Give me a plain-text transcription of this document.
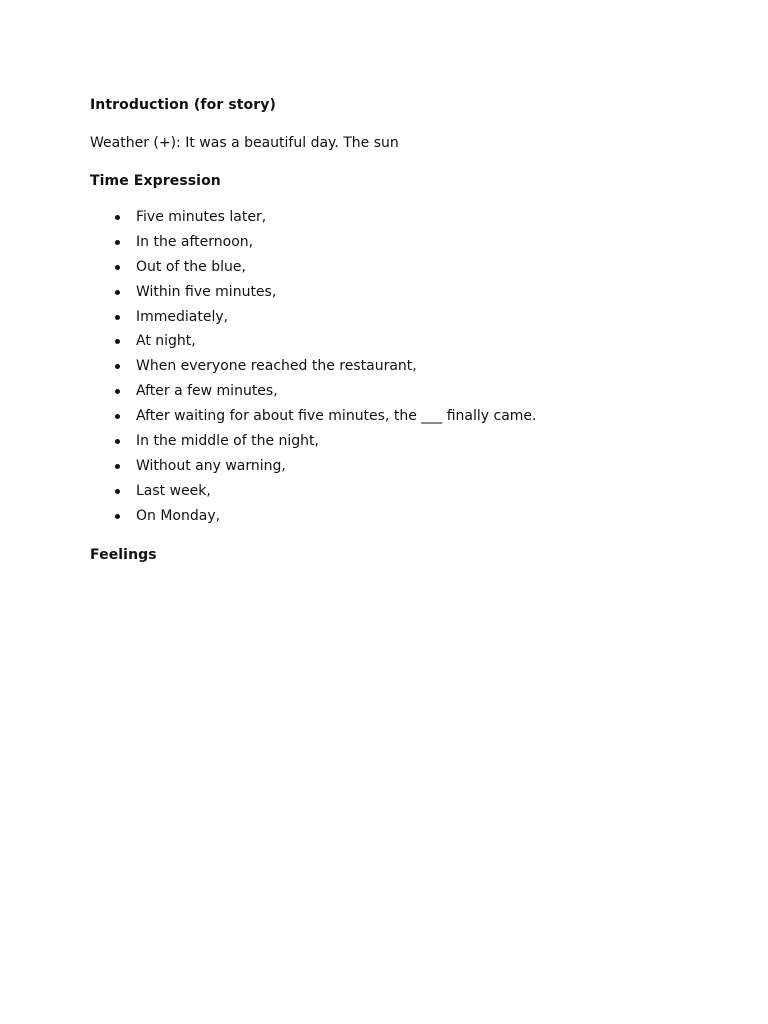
Introduction (for story)

Weather (+): It was a beautiful day. The sun

Time Expression
Five minutes later,
In the afternoon,
Out of the blue,
Within five minutes,
Immediately,
At night,
When everyone reached the restaurant,
After a few minutes,
After waiting for about five minutes, the ___ finally came.
In the middle of the night,
Without any warning,
Last week,
On Monday,
Feelings
